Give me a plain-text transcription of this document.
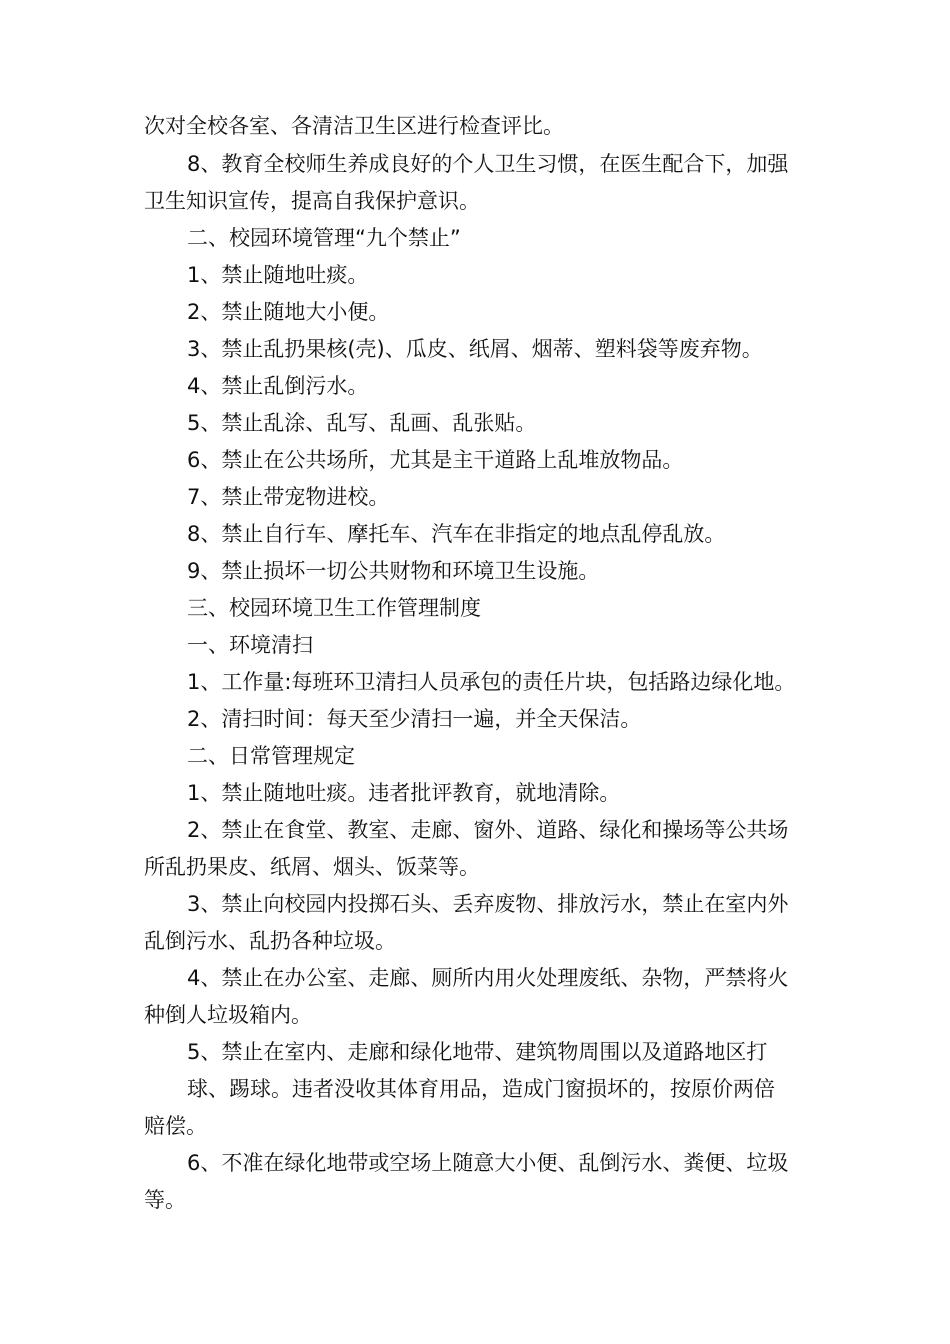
次对全校各室、各清洁卫生区进行检查评比。
8、教育全校师生养成良好的个人卫生习惯，在医生配合下，加强
卫生知识宣传，提高自我保护意识。
二、校园环境管理“九个禁止”
1、禁止随地吐痰。
2、禁止随地大小便。
3、禁止乱扔果核(壳)、瓜皮、纸屑、烟蒂、塑料袋等废弃物。
4、禁止乱倒污水。
5、禁止乱涂、乱写、乱画、乱张贴。
6、禁止在公共场所，尤其是主干道路上乱堆放物品。
7、禁止带宠物进校。
8、禁止自行车、摩托车、汽车在非指定的地点乱停乱放。
9、禁止损坏一切公共财物和环境卫生设施。
三、校园环境卫生工作管理制度
一、环境清扫
1、工作量:每班环卫清扫人员承包的责任片块，包括路边绿化地。
2、清扫时间：每天至少清扫一遍，并全天保洁。
二、日常管理规定
1、禁止随地吐痰。违者批评教育，就地清除。
2、禁止在食堂、教室、走廊、窗外、道路、绿化和操场等公共场
所乱扔果皮、纸屑、烟头、饭菜等。
3、禁止向校园内投掷石头、丢弃废物、排放污水，禁止在室内外
乱倒污水、乱扔各种垃圾。
4、禁止在办公室、走廊、厕所内用火处理废纸、杂物，严禁将火
种倒人垃圾箱内。
5、禁止在室内、走廊和绿化地带、建筑物周围以及道路地区打
球、踢球。违者没收其体育用品，造成门窗损坏的，按原价两倍
赔偿。
6、不准在绿化地带或空场上随意大小便、乱倒污水、粪便、垃圾
等。
